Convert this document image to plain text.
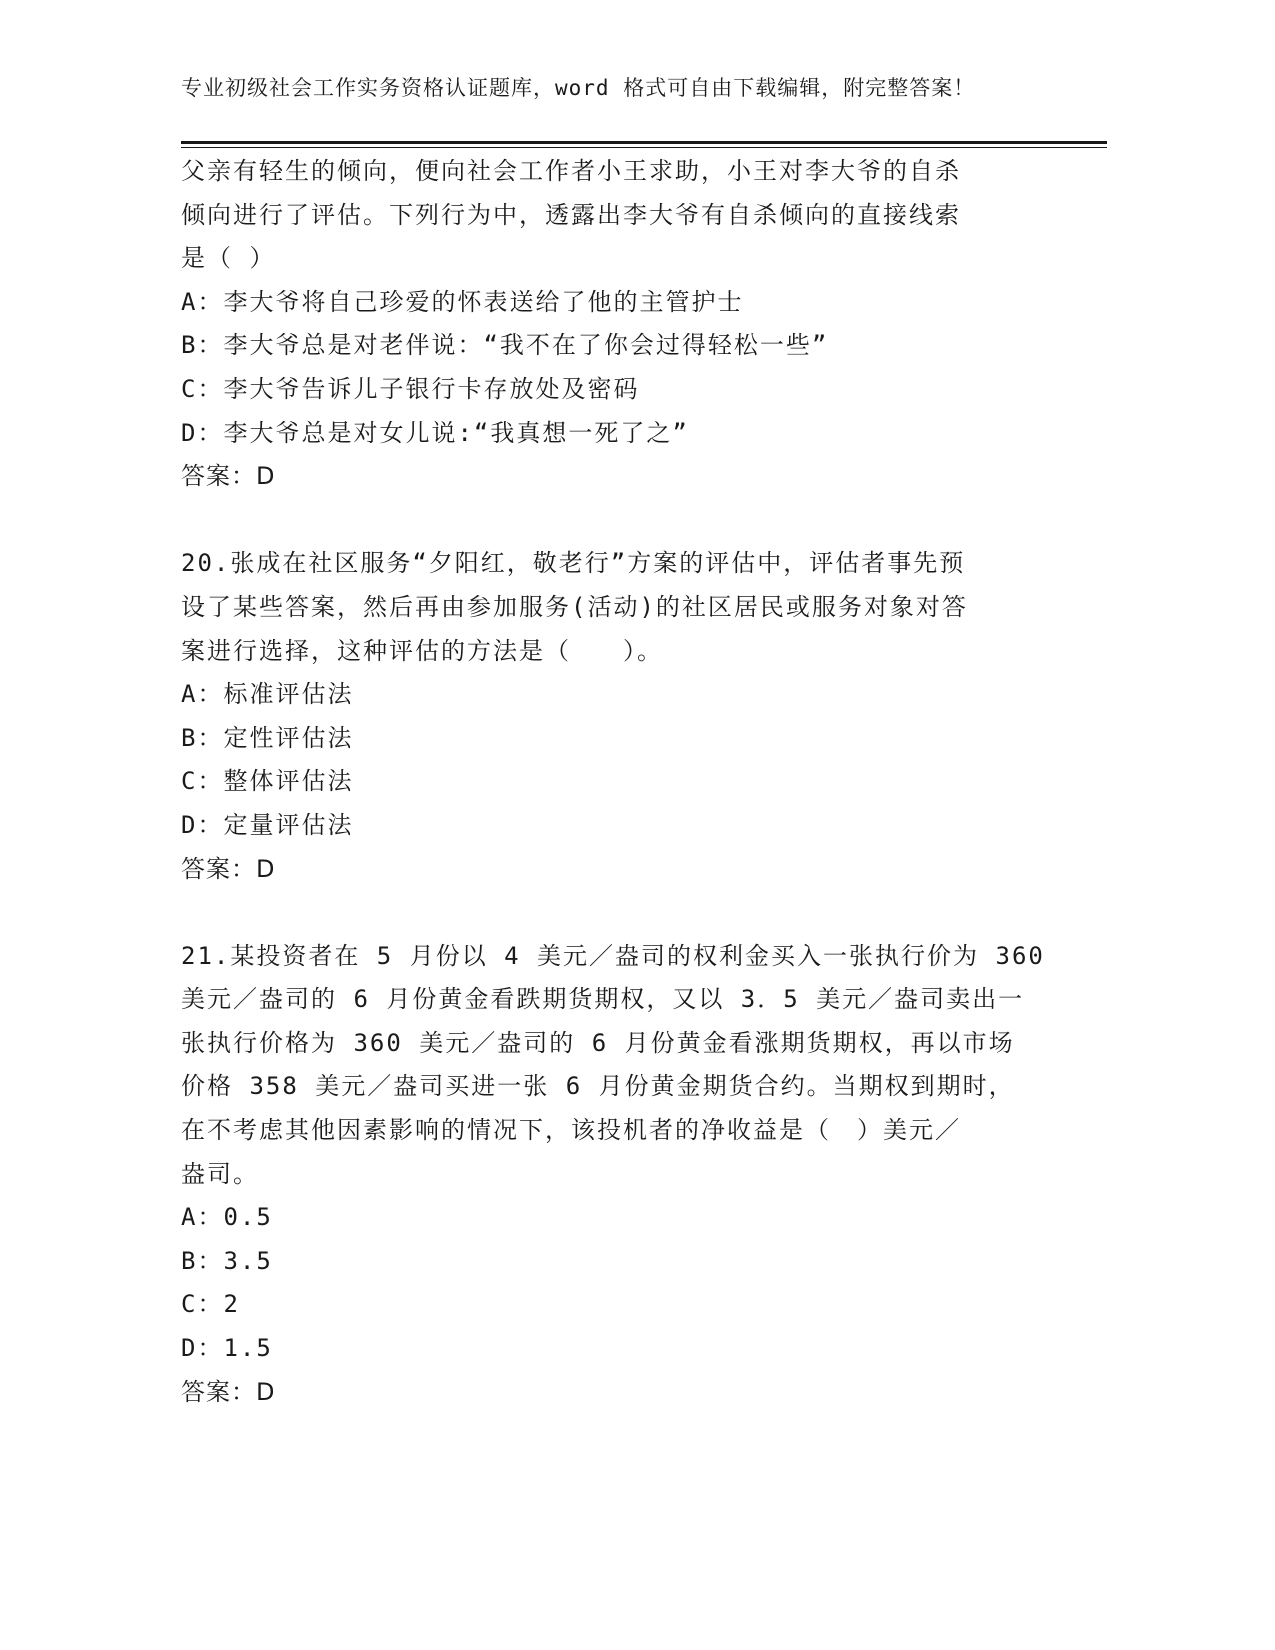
专业初级社会工作实务资格认证题库，word 格式可自由下载编辑，附完整答案！
父亲有轻生的倾向，便向社会工作者小王求助，小王对李大爷的自杀
倾向进行了评估。下列行为中，透露出李大爷有自杀倾向的直接线索
是（ ）
A：李大爷将自己珍爱的怀表送给了他的主管护士
B：李大爷总是对老伴说：“我不在了你会过得轻松一些”
C：李大爷告诉儿子银行卡存放处及密码
D：李大爷总是对女儿说:“我真想一死了之”
答案：D
20.张成在社区服务“夕阳红，敬老行”方案的评估中，评估者事先预
设了某些答案，然后再由参加服务(活动)的社区居民或服务对象对答
案进行选择，这种评估的方法是（　　）。
A：标准评估法
B：定性评估法
C：整体评估法
D：定量评估法
答案：D
21.某投资者在 5 月份以 4 美元／盎司的权利金买入一张执行价为 360
美元／盎司的 6 月份黄金看跌期货期权，又以 3．5 美元／盎司卖出一
张执行价格为 360 美元／盎司的 6 月份黄金看涨期货期权，再以市场
价格 358 美元／盎司买进一张 6 月份黄金期货合约。当期权到期时，
在不考虑其他因素影响的情况下，该投机者的净收益是（　）美元／
盎司。
A：0.5
B：3.5
C：2
D：1.5
答案：D
